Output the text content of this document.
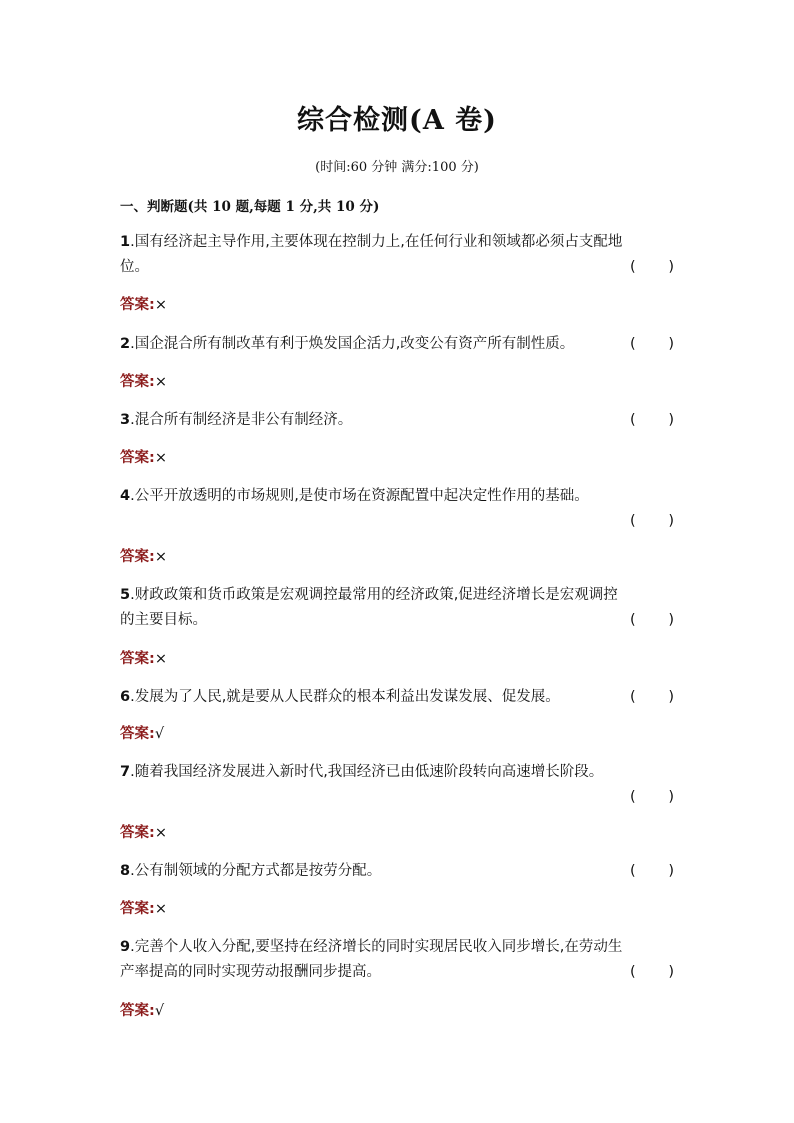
综合检测(A 卷)
(时间:60 分钟 满分:100 分)
一、判断题(共 10 题,每题 1 分,共 10 分)
1.国有经济起主导作用,主要体现在控制力上,在任何行业和领域都必须占支配地
位。	( )
答案:×
2.国企混合所有制改革有利于焕发国企活力,改变公有资产所有制性质。	( )
答案:×
3.混合所有制经济是非公有制经济。	( )
答案:×
4.公平开放透明的市场规则,是使市场在资源配置中起决定性作用的基础。
( )
答案:×
5.财政政策和货币政策是宏观调控最常用的经济政策,促进经济增长是宏观调控
的主要目标。	( )
答案:×
6.发展为了人民,就是要从人民群众的根本利益出发谋发展、促发展。	( )
答案:√
7.随着我国经济发展进入新时代,我国经济已由低速阶段转向高速增长阶段。
( )
答案:×
8.公有制领域的分配方式都是按劳分配。	( )
答案:×
9.完善个人收入分配,要坚持在经济增长的同时实现居民收入同步增长,在劳动生
产率提高的同时实现劳动报酬同步提高。	( )
答案:√
